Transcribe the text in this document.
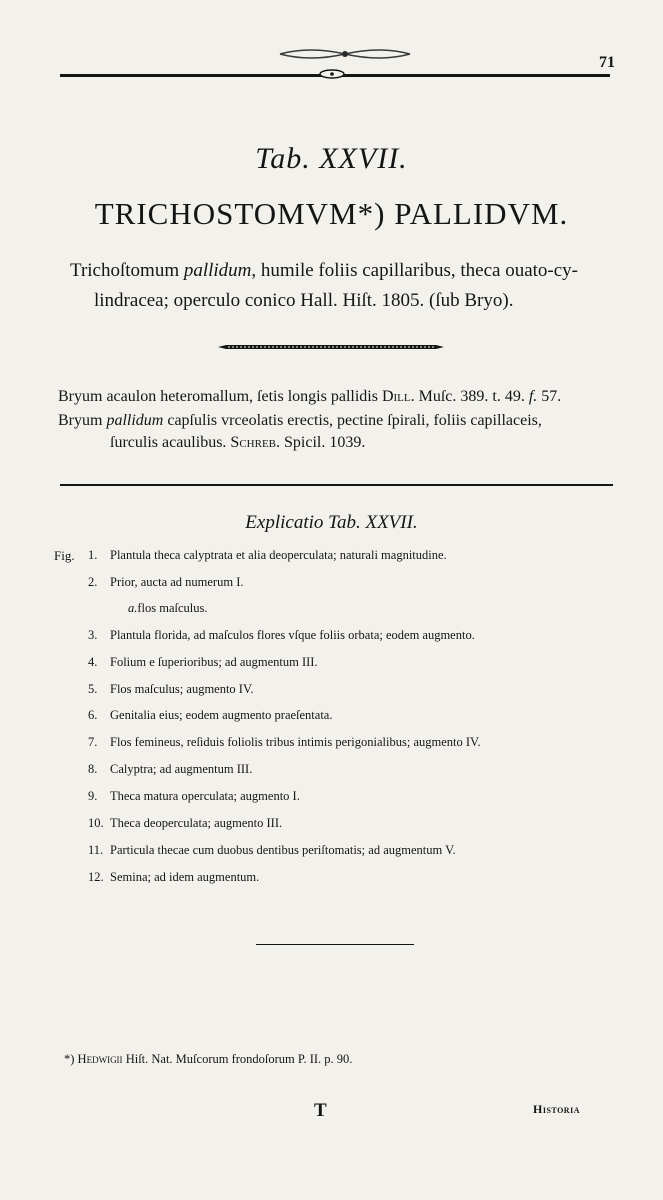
71
Tab. XXVII.
TRICHOSTOMVM*) PALLIDVM.
Trichoſtomum pallidum, humile foliis capillaribus, theca ouato-cy-
lindracea; operculo conico Hall. Hiſt. 1805. (ſub Bryo).
Bryum acaulon heteromallum, ſetis longis pallidis Dill. Muſc. 389. t. 49. f. 57.
Bryum pallidum capſulis vrceolatis erectis, pectine ſpirali, foliis capillaceis,
ſurculis acaulibus. Schreb. Spicil. 1039.
Explicatio Tab. XXVII.
Fig. 1. Plantula theca calyptrata et alia deoperculata; naturali magnitudine.
2. Prior, aucta ad numerum I.
a.flos maſculus.
3. Plantula florida, ad maſculos flores vſque foliis orbata; eodem augmento.
4. Folium e ſuperioribus; ad augmentum III.
5. Flos maſculus; augmento IV.
6. Genitalia eius; eodem augmento praeſentata.
7. Flos femineus, reſiduis foliolis tribus intimis perigonialibus; augmento IV.
8. Calyptra; ad augmentum III.
9. Theca matura operculata; augmento I.
10. Theca deoperculata; augmento III.
11. Particula thecae cum duobus dentibus periſtomatis; ad augmentum V.
12. Semina; ad idem augmentum.
*) Hedwigii Hiſt. Nat. Muſcorum frondoſorum P. II. p. 90.
T	Historia
